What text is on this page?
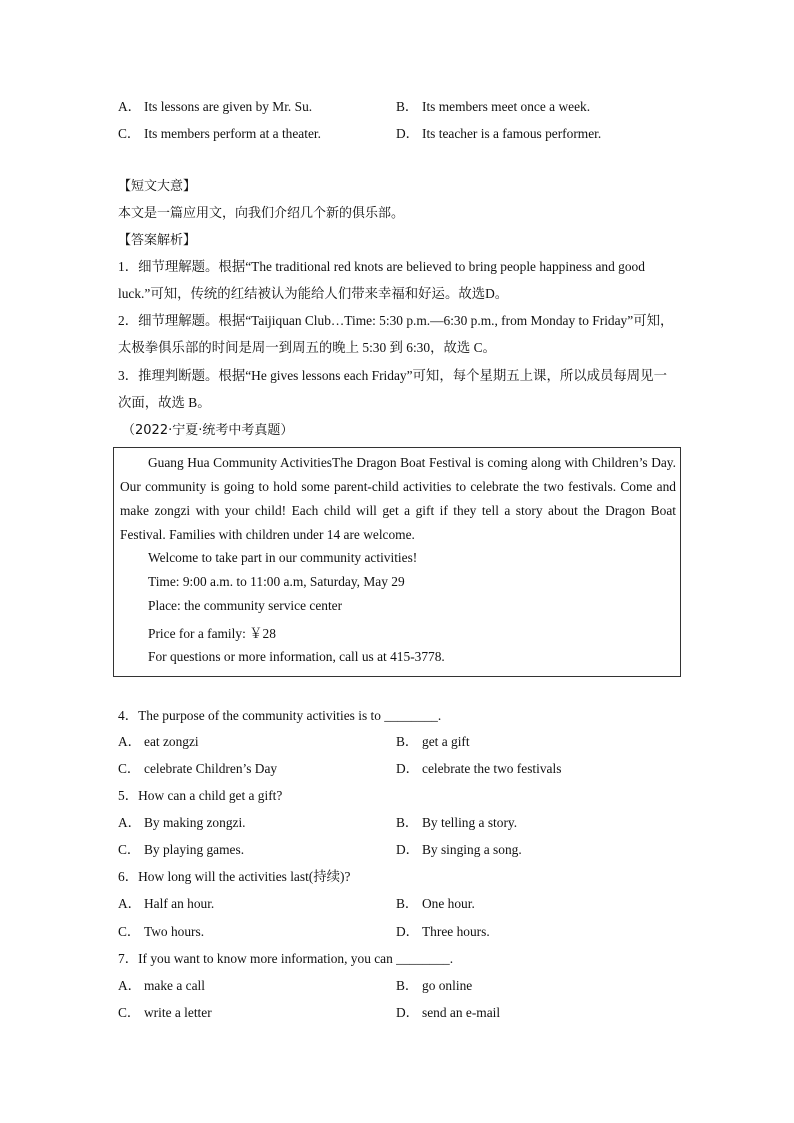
A． Its lessons are given by Mr. Su.	B． Its members meet once a week.
C． Its members perform at a theater.	D． Its teacher is a famous performer.
【短文大意】
本文是一篇应用文，向我们介绍几个新的俱乐部。
【答案解析】
1．细节理解题。根据“The traditional red knots are believed to bring people happiness and good luck.”可知，传统的红结被认为能给人们带来幸福和好运。故选D。
2．细节理解题。根据“Taijiquan Club…Time: 5:30 p.m.—6:30 p.m., from Monday to Friday”可知，太极拳俱乐部的时间是周一到周五的晚上 5:30 到 6:30，故选 C。
3．推理判断题。根据“He gives lessons each Friday”可知，每个星期五上课，所以成员每周见一次面，故选 B。
（2022·宁夏·统考中考真题）
Guang Hua Community ActivitiesThe Dragon Boat Festival is coming along with Children’s Day. Our community is going to hold some parent-child activities to celebrate the two festivals. Come and make zongzi with your child! Each child will get a gift if they tell a story about the Dragon Boat Festival. Families with children under 14 are welcome.
Welcome to take part in our community activities!
Time: 9:00 a.m. to 11:00 a.m, Saturday, May 29
Place: the community service center
Price for a family: ￥28
For questions or more information, call us at 415-3778.
4．The purpose of the community activities is to ________.
A． eat zongzi	B． get a gift
C． celebrate Children’s Day	D． celebrate the two festivals
5．How can a child get a gift?
A． By making zongzi.	B． By telling a story.
C． By playing games.	D． By singing a song.
6．How long will the activities last(持续)?
A． Half an hour.	B． One hour.
C． Two hours.	D． Three hours.
7．If you want to know more information, you can ________.
A． make a call	B． go online
C． write a letter	D． send an e-mail
